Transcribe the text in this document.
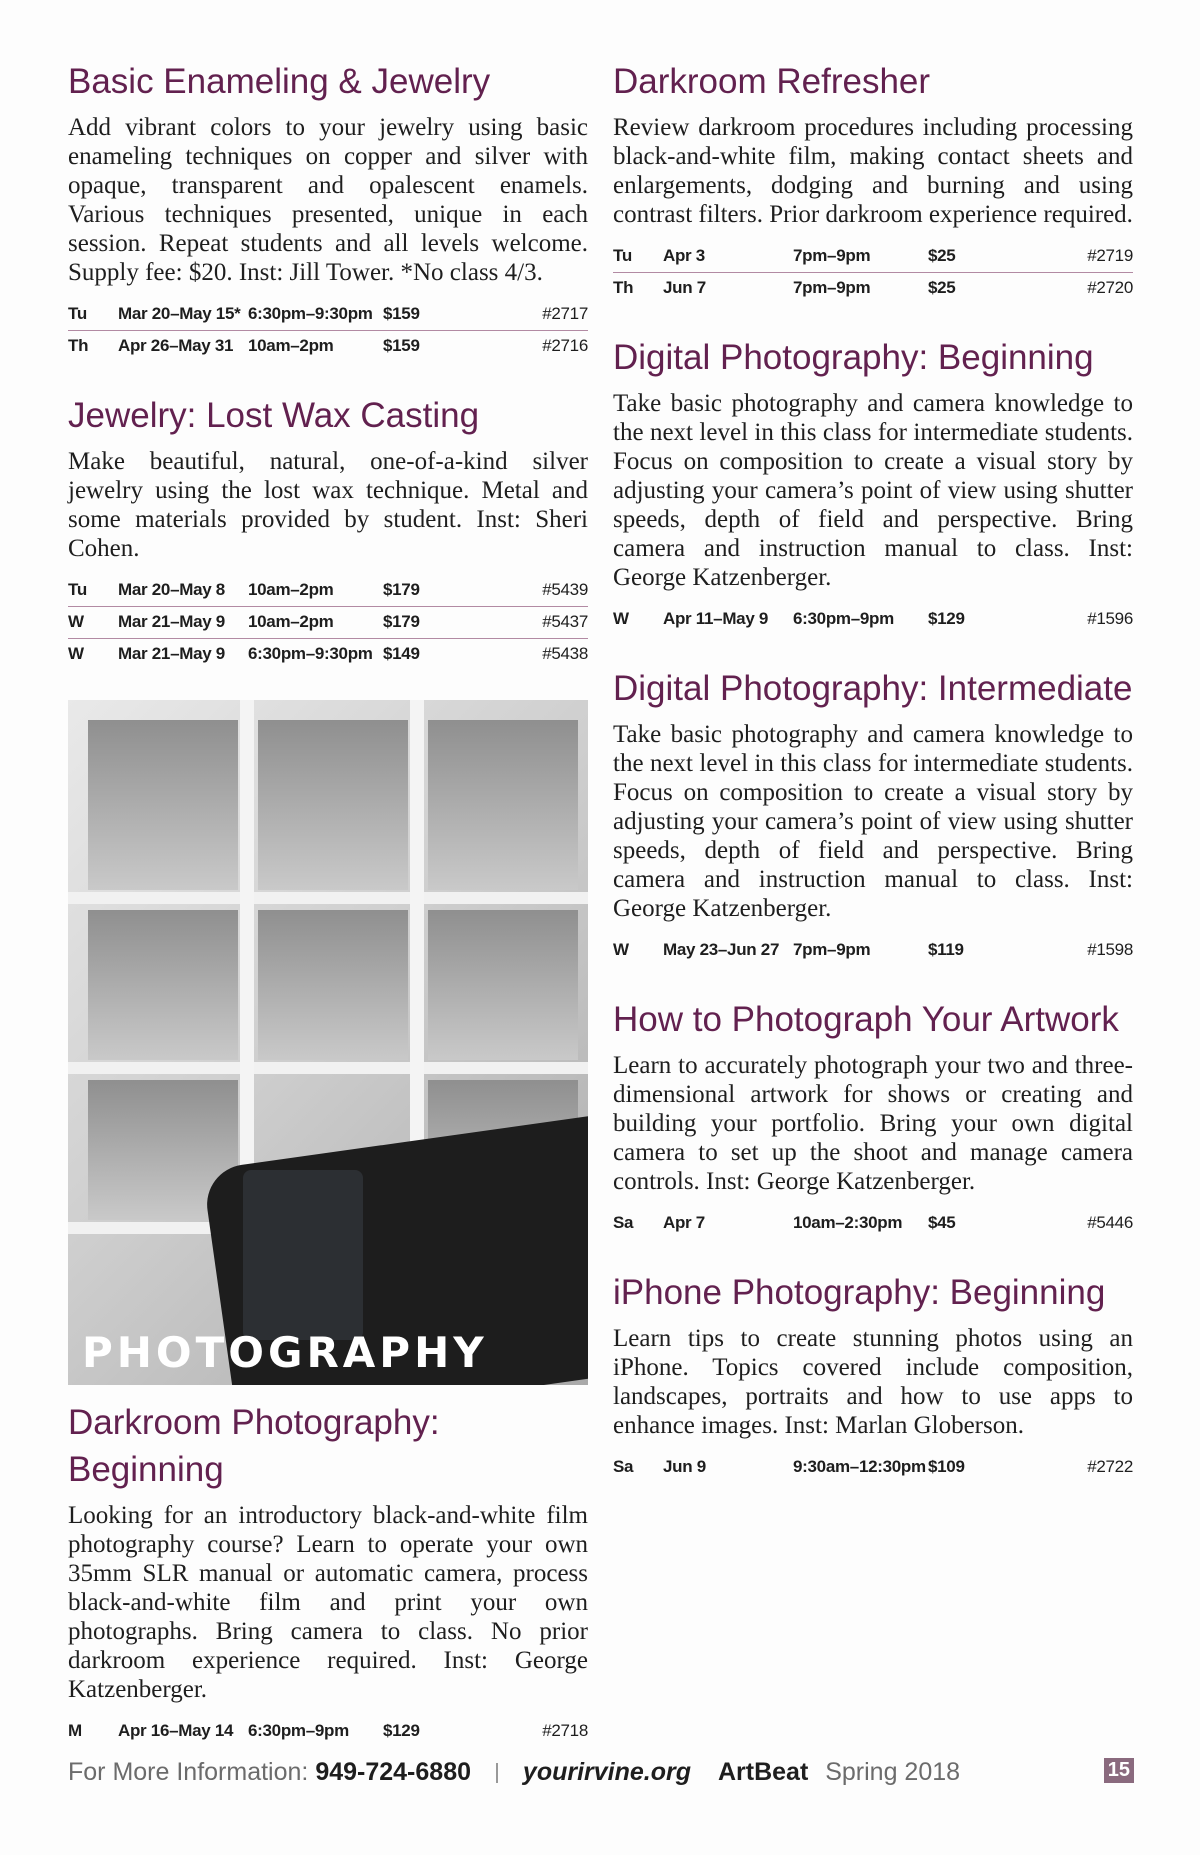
Basic Enameling & Jewelry
Add vibrant colors to your jewelry using basic enameling techniques on copper and silver with opaque, transparent and opalescent enamels. Various techniques presented, unique in each session. Repeat students and all levels welcome. Supply fee: $20. Inst: Jill Tower. *No class 4/3.
Tu	Mar 20–May 15*	6:30pm–9:30pm	$159	#2717
Th	Apr 26–May 31	10am–2pm	$159	#2716
Jewelry: Lost Wax Casting
Make beautiful, natural, one-of-a-kind silver jewelry using the lost wax technique. Metal and some materials provided by student. Inst: Sheri Cohen.
Tu	Mar 20–May 8	10am–2pm	$179	#5439
W	Mar 21–May 9	10am–2pm	$179	#5437
W	Mar 21–May 9	6:30pm–9:30pm	$149	#5438
PHOTOGRAPHY
Darkroom Photography: Beginning
Looking for an introductory black-and-white film photography course? Learn to operate your own 35mm SLR manual or automatic camera, process black-and-white film and print your own photographs. Bring camera to class. No prior darkroom experience required. Inst: George Katzenberger.
M	Apr 16–May 14	6:30pm–9pm	$129	#2718
Darkroom Refresher
Review darkroom procedures including processing black-and-white film, making contact sheets and enlargements, dodging and burning and using contrast filters. Prior darkroom experience required.
Tu	Apr 3	7pm–9pm	$25	#2719
Th	Jun 7	7pm–9pm	$25	#2720
Digital Photography: Beginning
Take basic photography and camera knowledge to the next level in this class for intermediate students. Focus on composition to create a visual story by adjusting your camera’s point of view using shutter speeds, depth of field and perspective. Bring camera and instruction manual to class. Inst: George Katzenberger.
W	Apr 11–May 9	6:30pm–9pm	$129	#1596
Digital Photography: Intermediate
Take basic photography and camera knowledge to the next level in this class for intermediate students. Focus on composition to create a visual story by adjusting your camera’s point of view using shutter speeds, depth of field and perspective. Bring camera and instruction manual to class. Inst: George Katzenberger.
W	May 23–Jun 27	7pm–9pm	$119	#1598
How to Photograph Your Artwork
Learn to accurately photograph your two and three- dimensional artwork for shows or creating and building your portfolio. Bring your own digital camera to set up the shoot and manage camera controls. Inst: George Katzenberger.
Sa	Apr 7	10am–2:30pm	$45	#5446
iPhone Photography: Beginning
Learn tips to create stunning photos using an iPhone. Topics covered include composition, landscapes, portraits and how to use apps to enhance images. Inst: Marlan Globerson.
Sa	Jun 9	9:30am–12:30pm	$109	#2722
For More Information: 949-724-6880 yourirvine.org ArtBeat Spring 2018	15
